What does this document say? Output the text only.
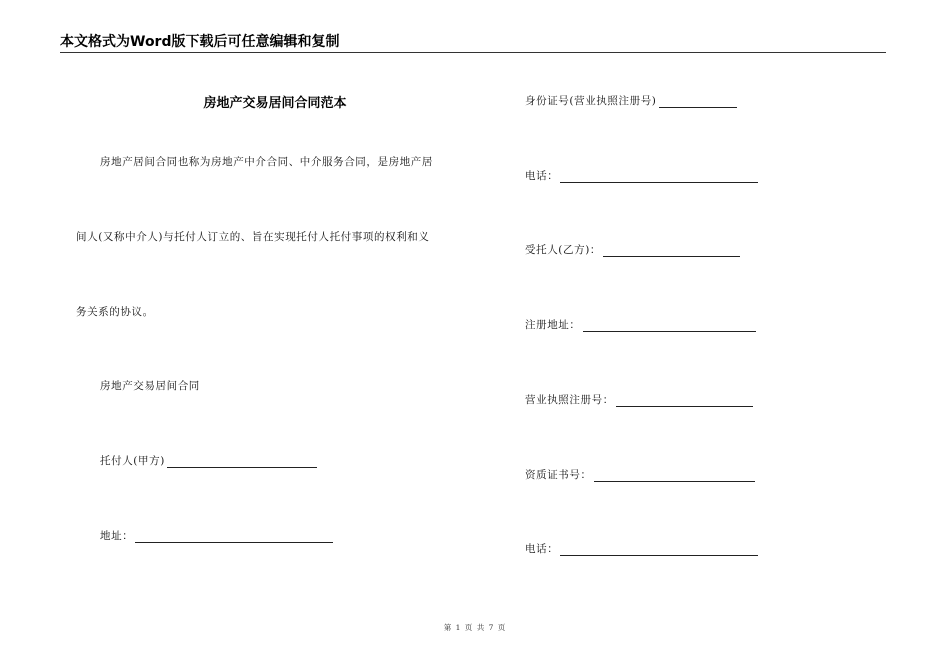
本文格式为Word版下载后可任意编辑和复制
房地产交易居间合同范本
房地产居间合同也称为房地产中介合同、中介服务合同，是房地产居
间人(又称中介人)与托付人订立的、旨在实现托付人托付事项的权利和义
务关系的协议。
房地产交易居间合同
托付人(甲方)
地址：
身份证号(营业执照注册号)
电话：
受托人(乙方)：
注册地址：
营业执照注册号：
资质证书号：
电话：
第 1 页 共 7 页
